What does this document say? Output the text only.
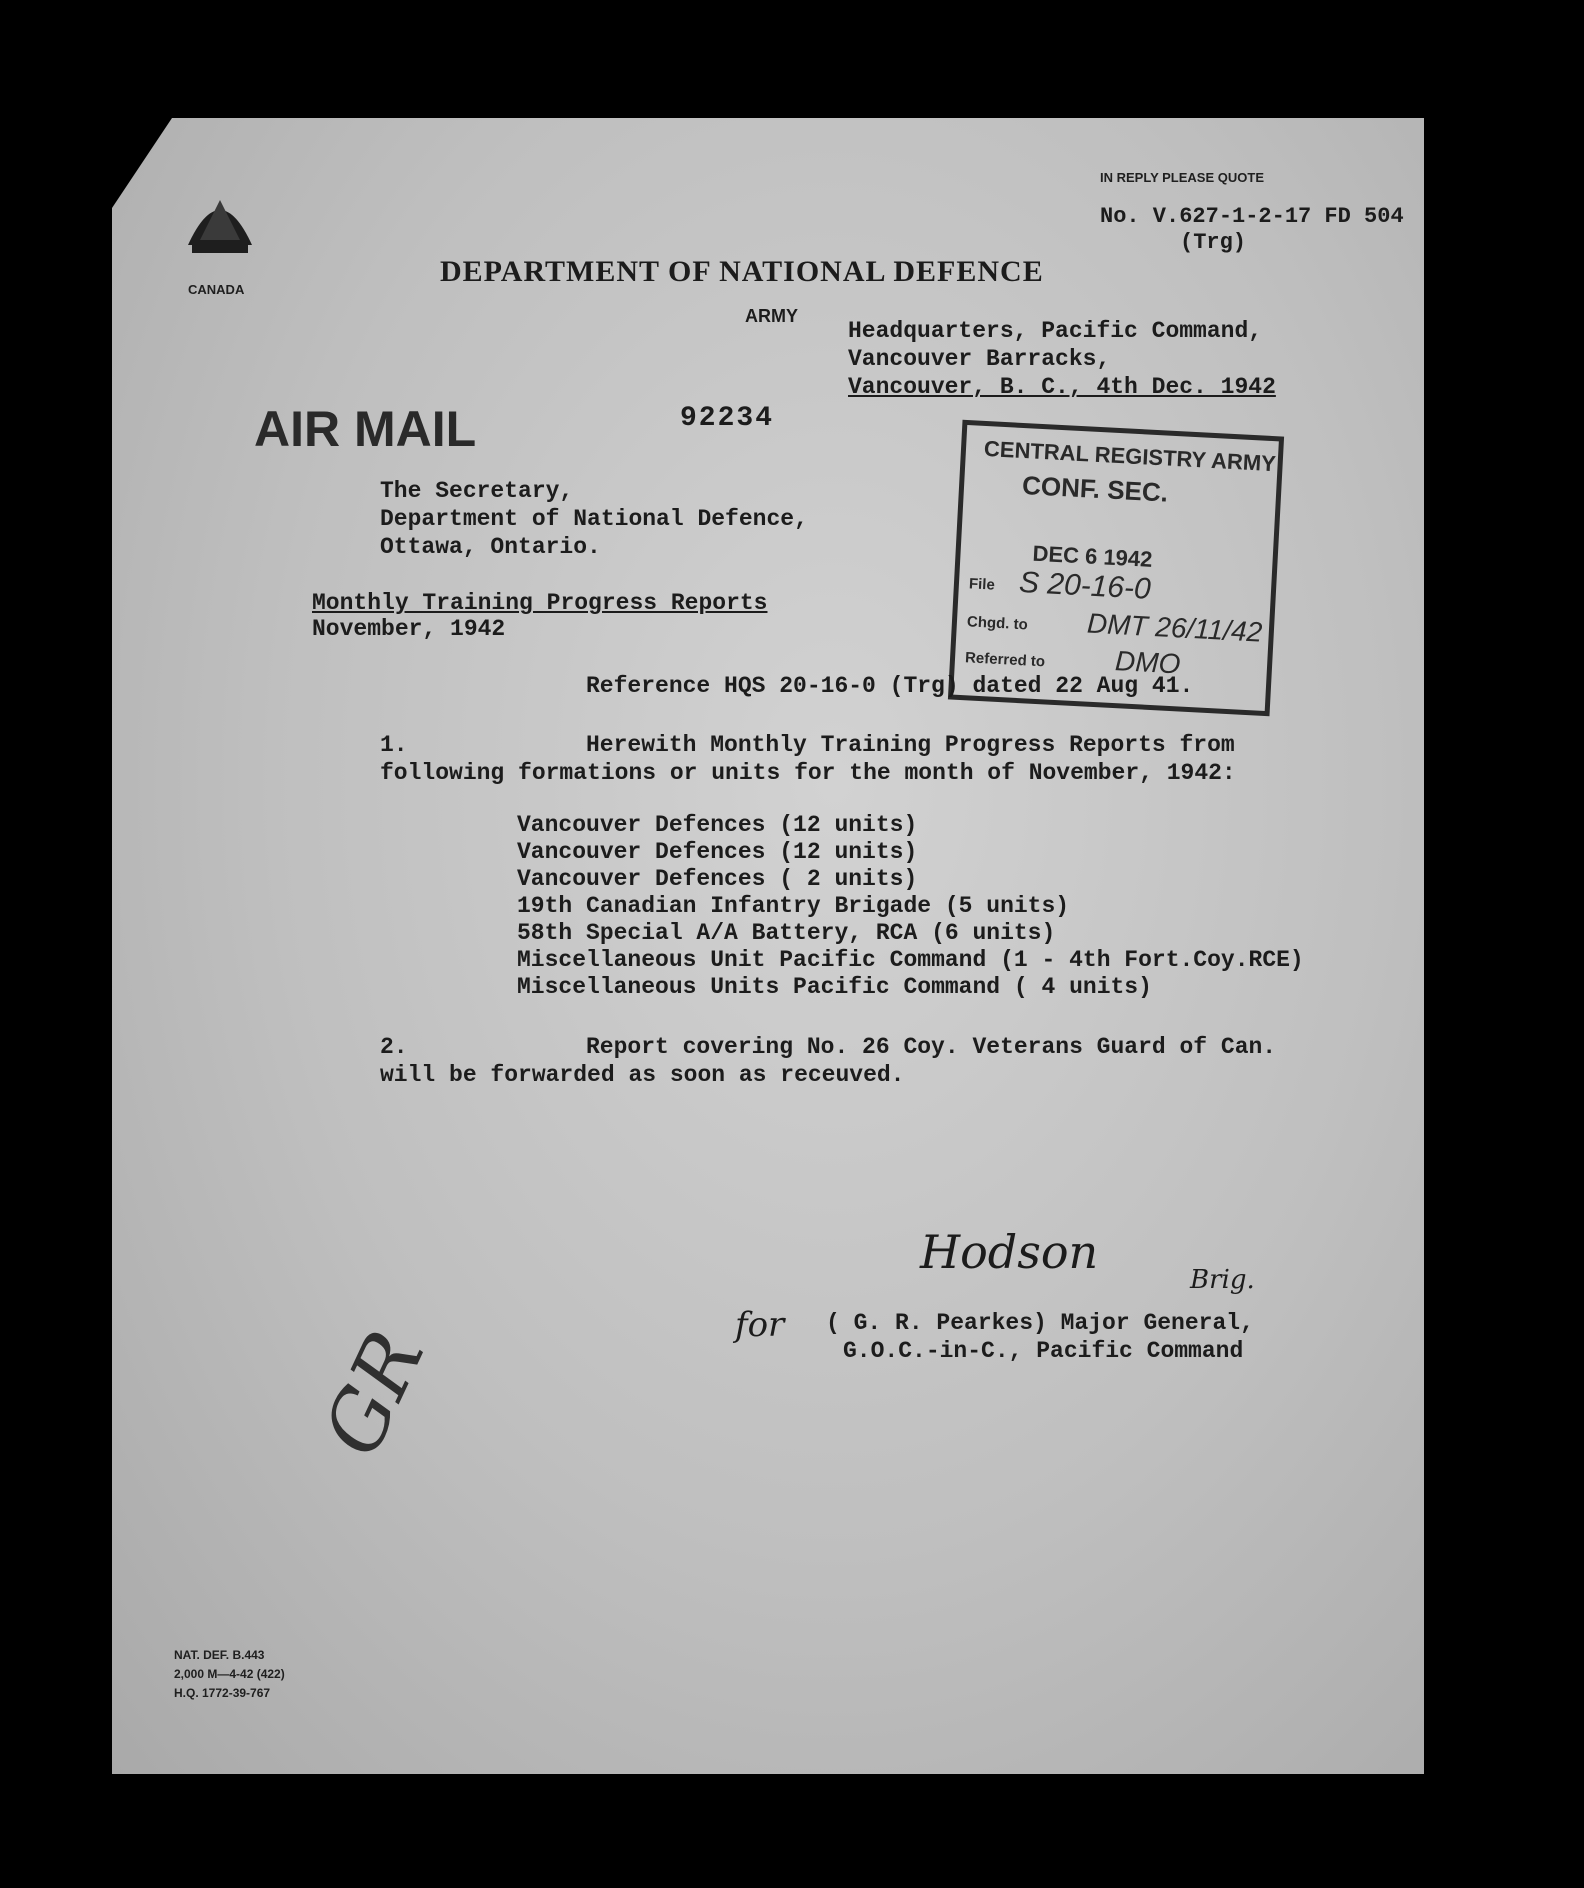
CANADA
IN REPLY PLEASE QUOTE
No. V.627-1-2-17 FD 504
(Trg)
DEPARTMENT OF NATIONAL DEFENCE
ARMY
Headquarters, Pacific Command,
Vancouver Barracks,
Vancouver, B. C., 4th Dec. 1942
AIR MAIL	92234
CENTRAL REGISTRY ARMY
CONF. SEC.
DEC 6 1942
File S 20-16-0
Chgd. to DMT 26/11/42
Referred to DMO
The Secretary,
Department of National Defence,
Ottawa, Ontario.
Monthly Training Progress Reports
November, 1942
Reference HQS 20-16-0 (Trg) dated 22 Aug 41.
1.	Herewith Monthly Training Progress Reports from
following formations or units for the month of November, 1942:
Vancouver Defences (12 units)
Vancouver Defences (12 units)
Vancouver Defences ( 2 units)
19th Canadian Infantry Brigade (5 units)
58th Special A/A Battery, RCA (6 units)
Miscellaneous Unit Pacific Command (1 - 4th Fort.Coy.RCE)
Miscellaneous Units Pacific Command ( 4 units)
2.	Report covering No. 26 Coy. Veterans Guard of Can.
will be forwarded as soon as receuved.
Hodson
Brig.
for ( G. R. Pearkes) Major General,
G.O.C.-in-C., Pacific Command
GR
NAT. DEF. B.443
2,000 M—4-42 (422)
H.Q. 1772-39-767
